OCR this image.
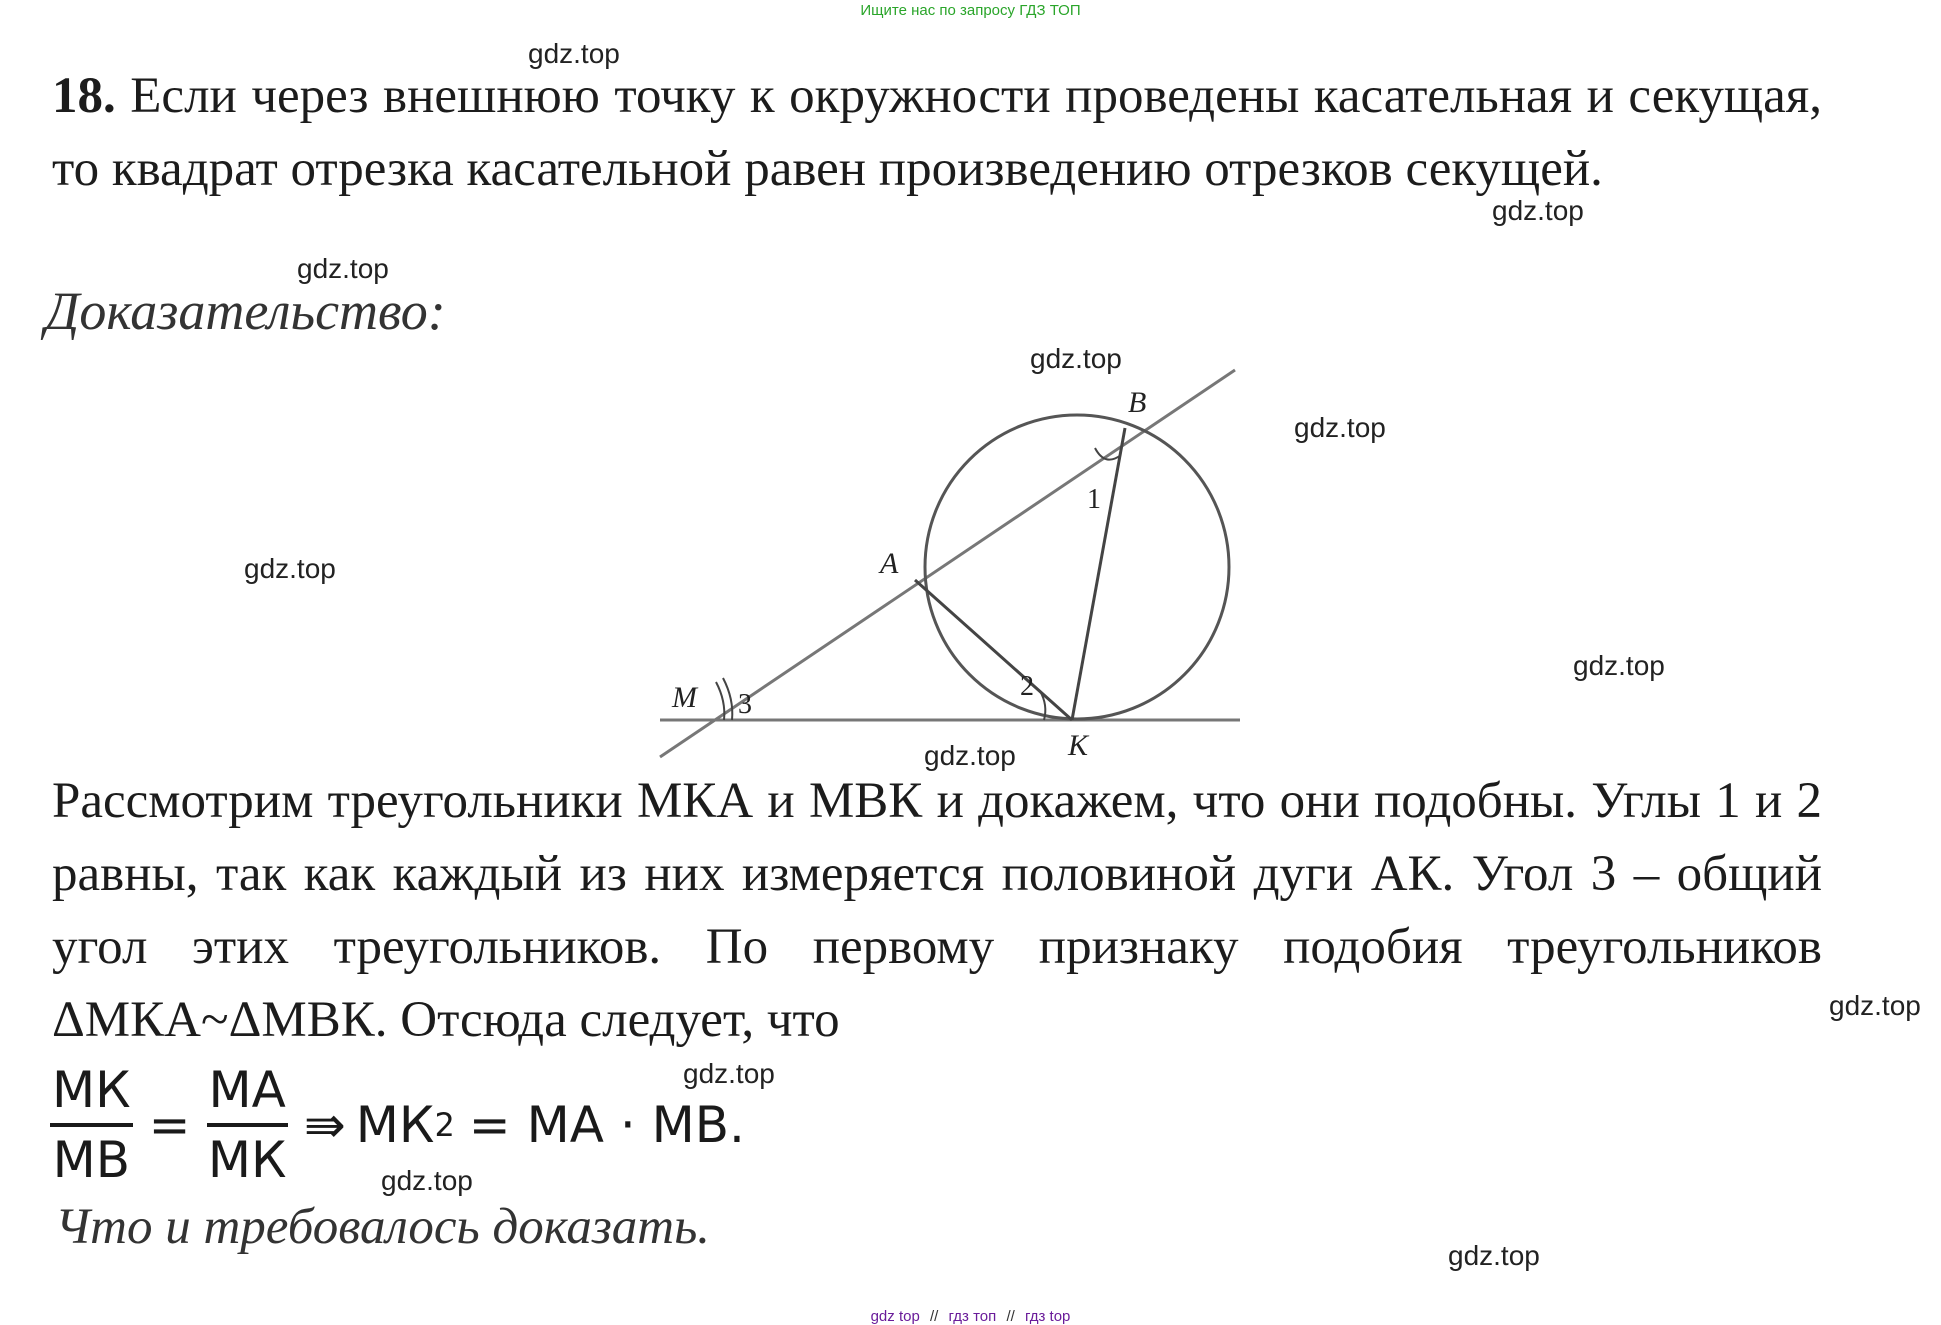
Ищите нас по запросу ГДЗ ТОП
18. Если через внешнюю точку к окружности проведены касательная и секущая, то квадрат отрезка касательной равен произведению отрезков секущей.
Доказательство:
B
A
M
K
1
2
3
Рассмотрим треугольники МКА и МВК и докажем, что они подобны. Углы 1 и 2 равны, так как каждый из них измеряется половиной дуги АК. Угол 3 – общий угол этих треугольников. По первому признаку подобия треугольников ΔМКА~ΔМВК. Отсюда следует, что
$\frac{МК}{МВ} = \frac{МА}{МК}$ ⇛ МК 2 = МА · МВ.
Что и требовалось доказать.
gdz.top
gdz.top
gdz.top
gdz.top
gdz.top
gdz.top
gdz.top
gdz.top
gdz.top
gdz.top
gdz.top
gdz.top
gdz top // гдз топ // гдз top
